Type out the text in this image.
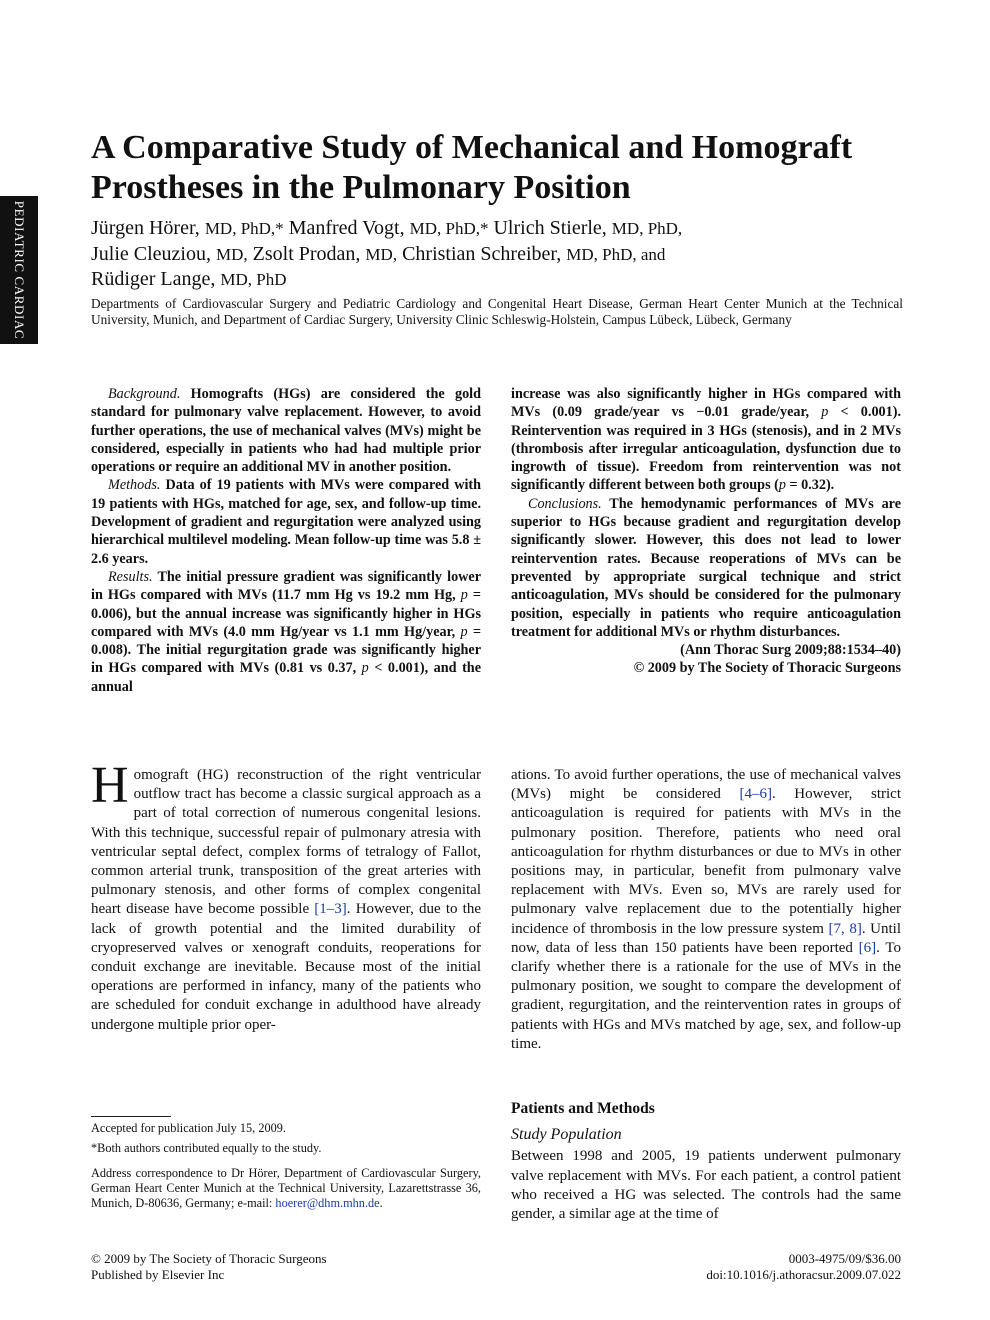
PEDIATRIC CARDIAC
A Comparative Study of Mechanical and Homograft Prostheses in the Pulmonary Position
Jürgen Hörer, MD, PhD,* Manfred Vogt, MD, PhD,* Ulrich Stierle, MD, PhD,
Julie Cleuziou, MD, Zsolt Prodan, MD, Christian Schreiber, MD, PhD, and
Rüdiger Lange, MD, PhD
Departments of Cardiovascular Surgery and Pediatric Cardiology and Congenital Heart Disease, German Heart Center Munich at the Technical University, Munich, and Department of Cardiac Surgery, University Clinic Schleswig-Holstein, Campus Lübeck, Lübeck, Germany

Background. Homografts (HGs) are considered the gold standard for pulmonary valve replacement. However, to avoid further operations, the use of mechanical valves (MVs) might be considered, especially in patients who had had multiple prior operations or require an additional MV in another position.

Methods. Data of 19 patients with MVs were compared with 19 patients with HGs, matched for age, sex, and follow-up time. Development of gradient and regurgitation were analyzed using hierarchical multilevel modeling. Mean follow-up time was 5.8 ± 2.6 years.

Results. The initial pressure gradient was significantly lower in HGs compared with MVs (11.7 mm Hg vs 19.2 mm Hg, p = 0.006), but the annual increase was significantly higher in HGs compared with MVs (4.0 mm Hg/year vs 1.1 mm Hg/year, p = 0.008). The initial regurgitation grade was significantly higher in HGs compared with MVs (0.81 vs 0.37, p < 0.001), and the annual

increase was also significantly higher in HGs compared with MVs (0.09 grade/year vs −0.01 grade/year, p < 0.001). Reintervention was required in 3 HGs (stenosis), and in 2 MVs (thrombosis after irregular anticoagulation, dysfunction due to ingrowth of tissue). Freedom from reintervention was not significantly different between both groups (p = 0.32).

Conclusions. The hemodynamic performances of MVs are superior to HGs because gradient and regurgitation develop significantly slower. However, this does not lead to lower reintervention rates. Because reoperations of MVs can be prevented by appropriate surgical technique and strict anticoagulation, MVs should be considered for the pulmonary position, especially in patients who require anticoagulation treatment for additional MVs or rhythm disturbances.

(Ann Thorac Surg 2009;88:1534–40)
© 2009 by The Society of Thoracic Surgeons

Homograft (HG) reconstruction of the right ventricular outflow tract has become a classic surgical approach as a part of total correction of numerous congenital lesions. With this technique, successful repair of pulmonary atresia with ventricular septal defect, complex forms of tetralogy of Fallot, common arterial trunk, transposition of the great arteries with pulmonary stenosis, and other forms of complex congenital heart disease have become possible [1–3]. However, due to the lack of growth potential and the limited durability of cryopreserved valves or xenograft conduits, reoperations for conduit exchange are inevitable. Because most of the initial operations are performed in infancy, many of the patients who are scheduled for conduit exchange in adulthood have already undergone multiple prior oper-

ations. To avoid further operations, the use of mechanical valves (MVs) might be considered [4–6]. However, strict anticoagulation is required for patients with MVs in the pulmonary position. Therefore, patients who need oral anticoagulation for rhythm disturbances or due to MVs in other positions may, in particular, benefit from pulmonary valve replacement with MVs. Even so, MVs are rarely used for pulmonary valve replacement due to the potentially higher incidence of thrombosis in the low pressure system [7, 8]. Until now, data of less than 150 patients have been reported [6]. To clarify whether there is a rationale for the use of MVs in the pulmonary position, we sought to compare the development of gradient, regurgitation, and the reintervention rates in groups of patients with HGs and MVs matched by age, sex, and follow-up time.

Patients and Methods

Study Population

Between 1998 and 2005, 19 patients underwent pulmonary valve replacement with MVs. For each patient, a control patient who received a HG was selected. The controls had the same gender, a similar age at the time of

Accepted for publication July 15, 2009.

*Both authors contributed equally to the study.

Address correspondence to Dr Hörer, Department of Cardiovascular Surgery, German Heart Center Munich at the Technical University, Lazarettstrasse 36, Munich, D-80636, Germany; e-mail: hoerer@dhm.mhn.de.

© 2009 by The Society of Thoracic Surgeons
Published by Elsevier Inc
0003-4975/09/$36.00
doi:10.1016/j.athoracsur.2009.07.022
